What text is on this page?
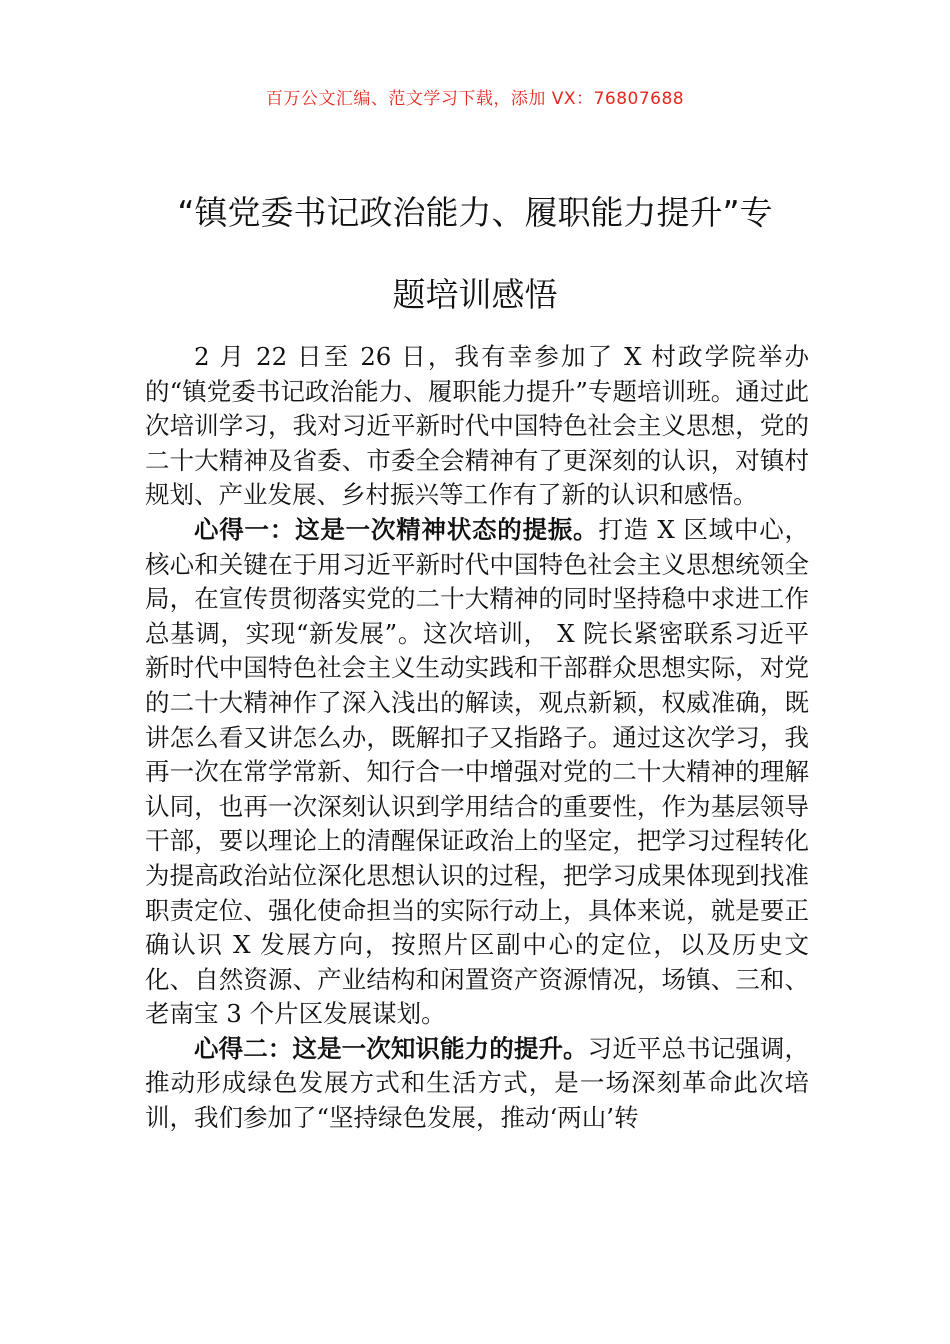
百万公文汇编、范文学习下载，添加 VX：76807688
“镇党委书记政治能力、履职能力提升”专
题培训感悟

2 月 22 日至 26 日，我有幸参加了 X 村政学院举办的“镇党委书记政治能力、履职能力提升”专题培训班。通过此次培训学习，我对习近平新时代中国特色社会主义思想，党的二十大精神及省委、市委全会精神有了更深刻的认识，对镇村规划、产业发展、乡村振兴等工作有了新的认识和感悟。

心得一：这是一次精神状态的提振。打造 X 区域中心，核心和关键在于用习近平新时代中国特色社会主义思想统领全局，在宣传贯彻落实党的二十大精神的同时坚持稳中求进工作总基调，实现“新发展”。这次培训， X 院长紧密联系习近平新时代中国特色社会主义生动实践和干部群众思想实际，对党的二十大精神作了深入浅出的解读，观点新颖，权威准确，既讲怎么看又讲怎么办，既解扣子又指路子。通过这次学习，我再一次在常学常新、知行合一中增强对党的二十大精神的理解认同，也再一次深刻认识到学用结合的重要性，作为基层领导干部，要以理论上的清醒保证政治上的坚定，把学习过程转化为提高政治站位深化思想认识的过程，把学习成果体现到找准职责定位、强化使命担当的实际行动上，具体来说，就是要正确认识 X 发展方向，按照片区副中心的定位，以及历史文化、自然资源、产业结构和闲置资产资源情况，场镇、三和、老南宝 3 个片区发展谋划。

心得二：这是一次知识能力的提升。习近平总书记强调，推动形成绿色发展方式和生活方式，是一场深刻革命此次培训，我们参加了“坚持绿色发展，推动‘两山’转
